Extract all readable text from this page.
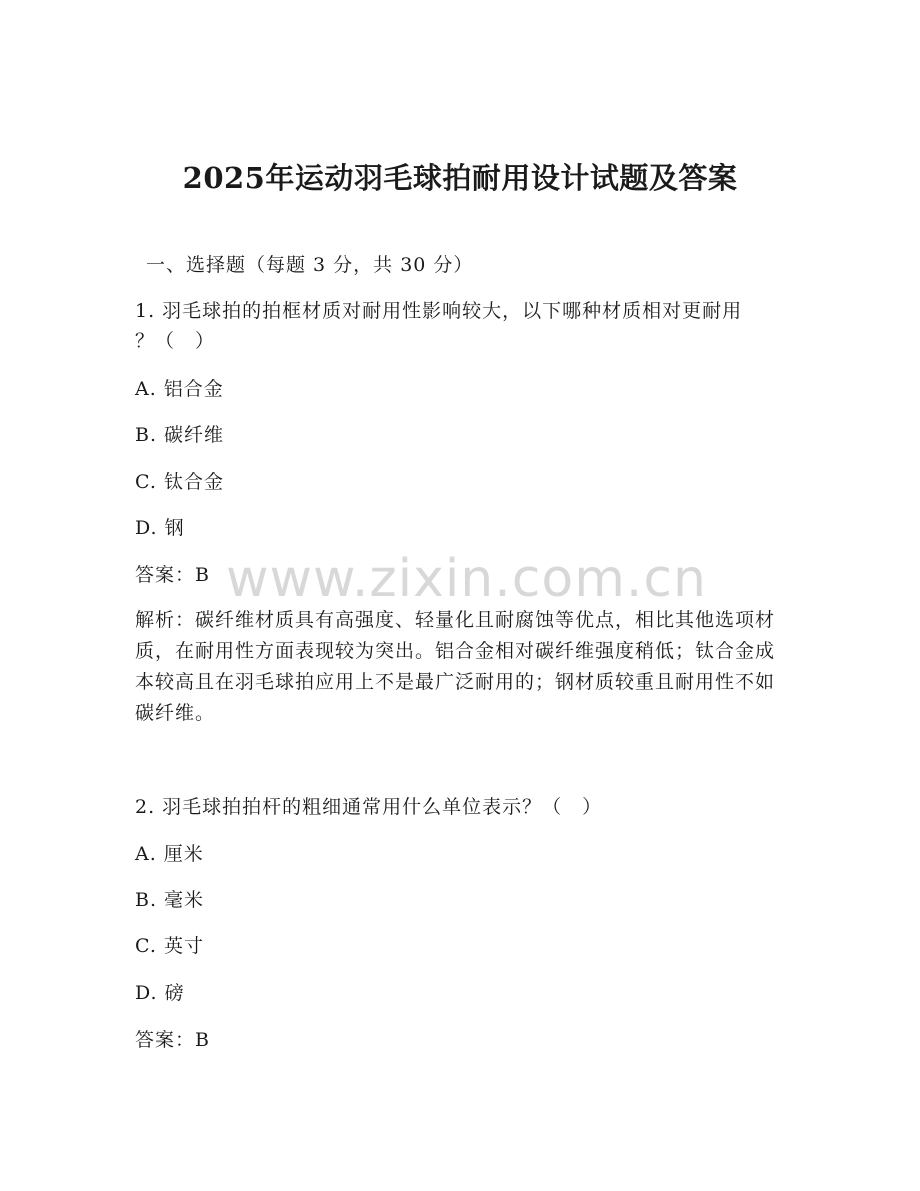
2025年运动羽毛球拍耐用设计试题及答案
一、选择题（每题 3 分，共 30 分）
1. 羽毛球拍的拍框材质对耐用性影响较大，以下哪种材质相对更耐用
？（　）
A. 铝合金
B. 碳纤维
C. 钛合金
D. 钢
答案：B
解析：碳纤维材质具有高强度、轻量化且耐腐蚀等优点，相比其他选项材质，在耐用性方面表现较为突出。铝合金相对碳纤维强度稍低；钛合金成本较高且在羽毛球拍应用上不是最广泛耐用的；钢材质较重且耐用性不如碳纤维。
2. 羽毛球拍拍杆的粗细通常用什么单位表示？（　）
A. 厘米
B. 毫米
C. 英寸
D. 磅
答案：B
www.zixin.com.cn
